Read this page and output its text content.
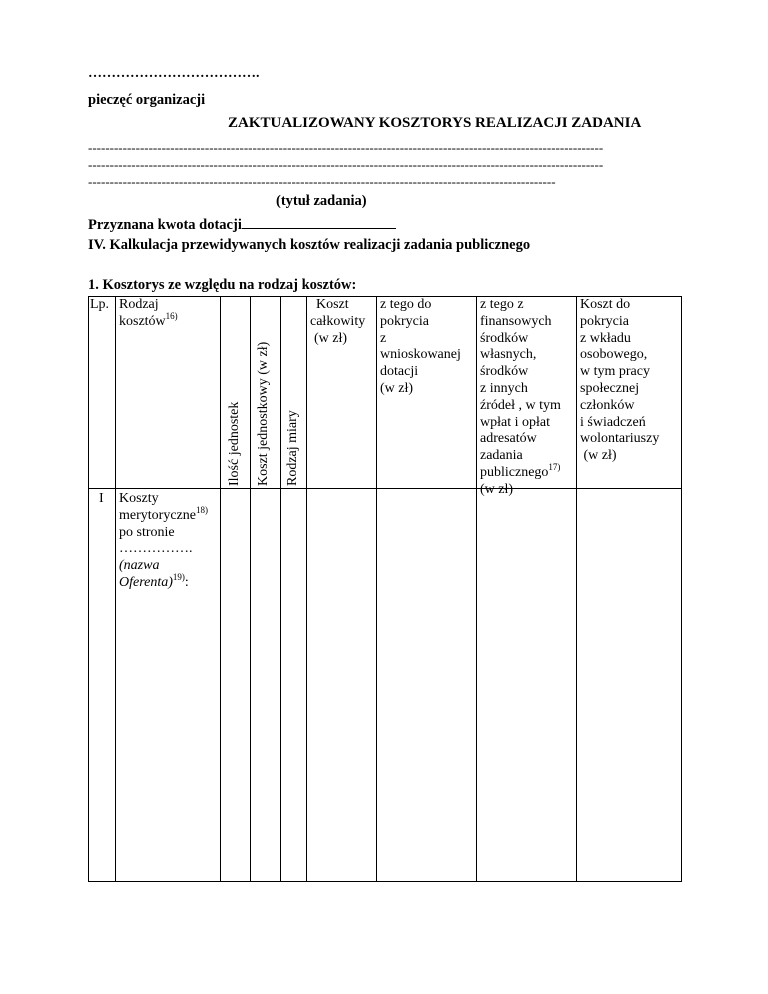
……………………………….
pieczęć organizacji
ZAKTUALIZOWANY KOSZTORYS REALIZACJI ZADANIA
-----------------------------------------------------------------------------------------------------------------------
-----------------------------------------------------------------------------------------------------------------------
------------------------------------------------------------------------------------------------------------
(tytuł zadania)
Przyznana kwota dotacji
IV. Kalkulacja przewidywanych kosztów realizacji zadania publicznego
1. Kosztorys ze względu na rodzaj kosztów:
Lp. Rodzaj
kosztów$^{16)}$
Ilość jednostek Koszt jednostkowy (w zł) Rodzaj miary
Koszt
całkowity
(w zł)
z tego do
pokrycia
z
wnioskowanej
dotacji
(w zł)
z tego z
finansowych
środków
własnych,
środków
z innych
źródeł , w tym
wpłat i opłat
adresatów
zadania
publicznego$^{17)}$
(w zł)
Koszt do
pokrycia
z wkładu
osobowego,
w tym pracy
społecznej
członków
i świadczeń
wolontariuszy
(w zł)
I Koszty
merytoryczne$^{18)}$
po stronie
…………….
(nazwa
Oferenta)$^{19)}$:
